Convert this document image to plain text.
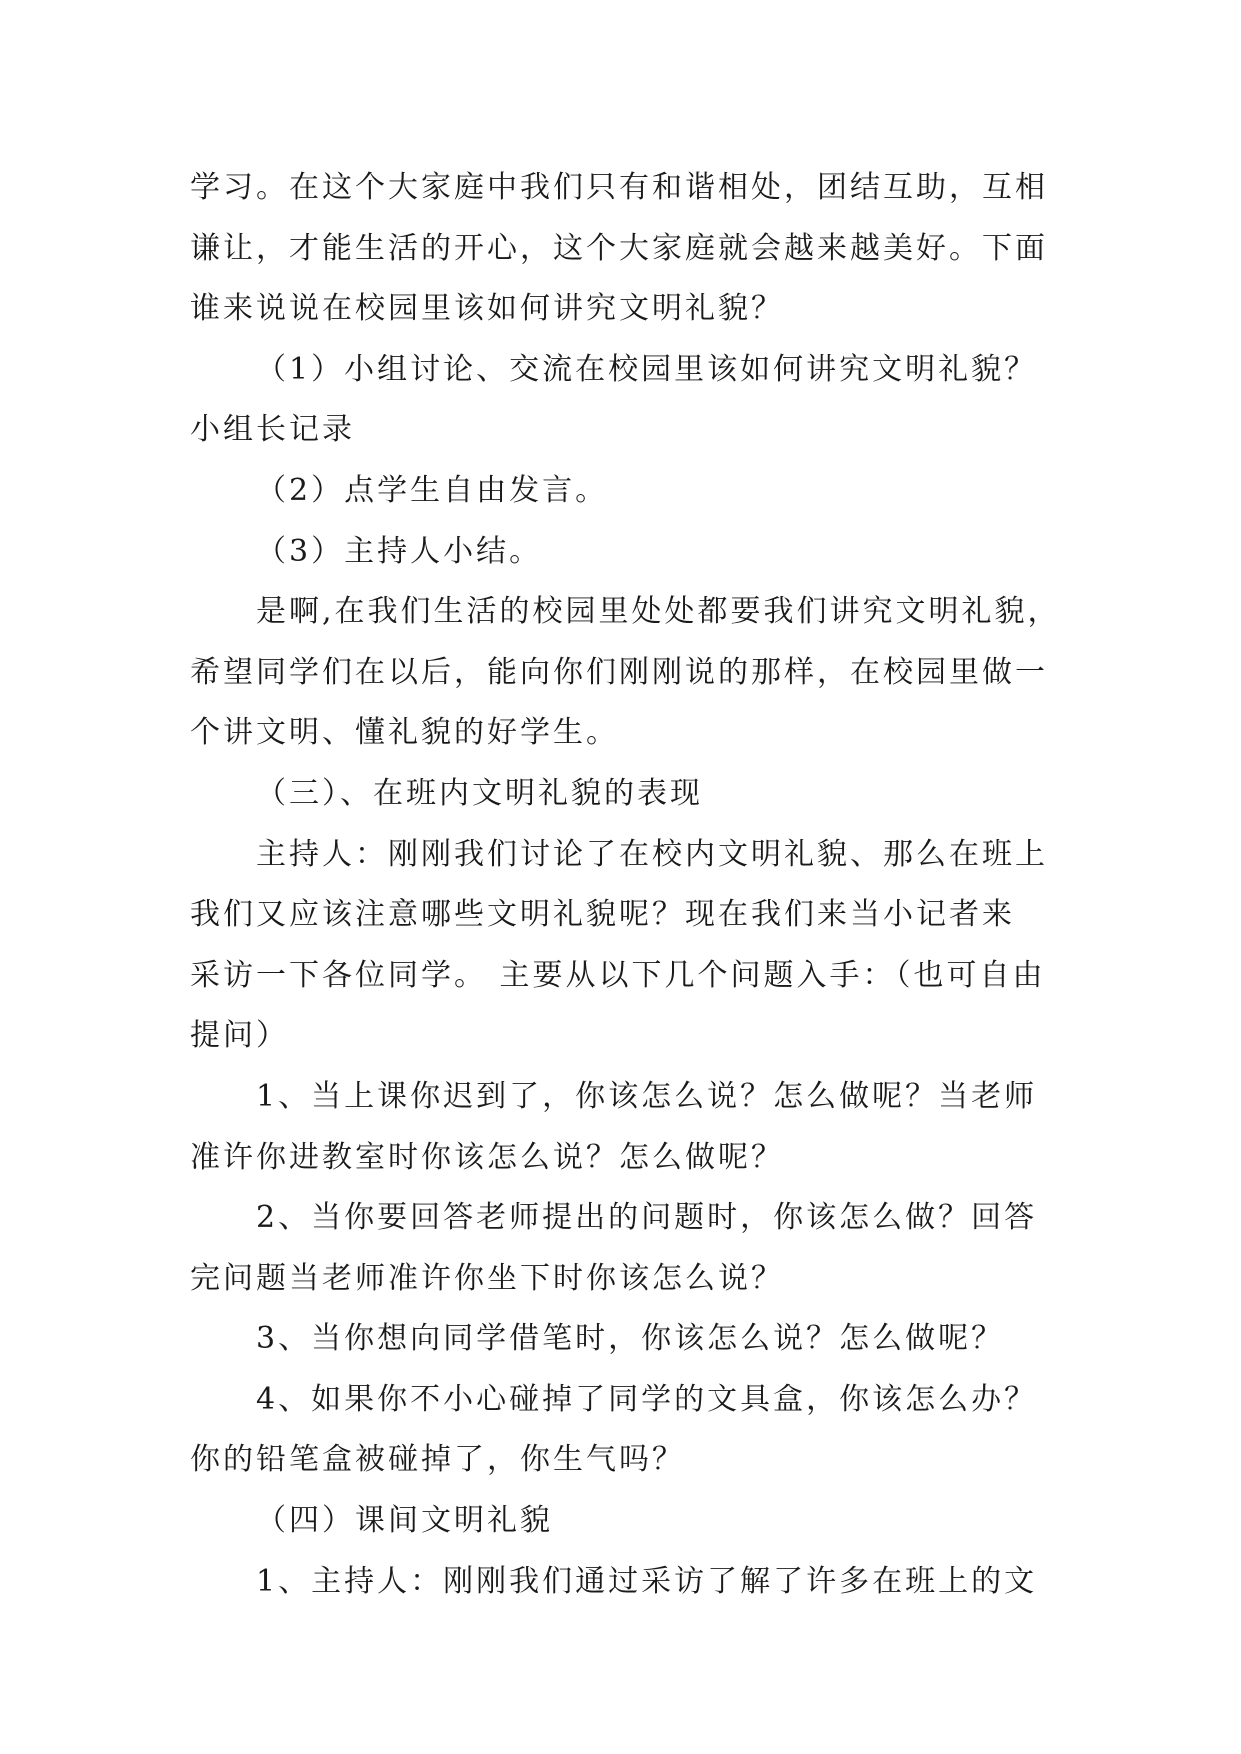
学习。在这个大家庭中我们只有和谐相处，团结互助，互相
谦让，才能生活的开心，这个大家庭就会越来越美好。下面
谁来说说在校园里该如何讲究文明礼貌？
（1）小组讨论、交流在校园里该如何讲究文明礼貌？
小组长记录
（2）点学生自由发言。
（3）主持人小结。
是啊,在我们生活的校园里处处都要我们讲究文明礼貌，
希望同学们在以后，能向你们刚刚说的那样，在校园里做一
个讲文明、懂礼貌的好学生。
（三）、在班内文明礼貌的表现
主持人：刚刚我们讨论了在校内文明礼貌、那么在班上
我们又应该注意哪些文明礼貌呢？现在我们来当小记者来
采访一下各位同学。 主要从以下几个问题入手：（也可自由
提问）
1、当上课你迟到了，你该怎么说？怎么做呢？当老师
准许你进教室时你该怎么说？怎么做呢？
2、当你要回答老师提出的问题时，你该怎么做？回答
完问题当老师准许你坐下时你该怎么说？
3、当你想向同学借笔时，你该怎么说？怎么做呢？
4、如果你不小心碰掉了同学的文具盒，你该怎么办？
你的铅笔盒被碰掉了，你生气吗？
（四）课间文明礼貌
1、主持人：刚刚我们通过采访了解了许多在班上的文
